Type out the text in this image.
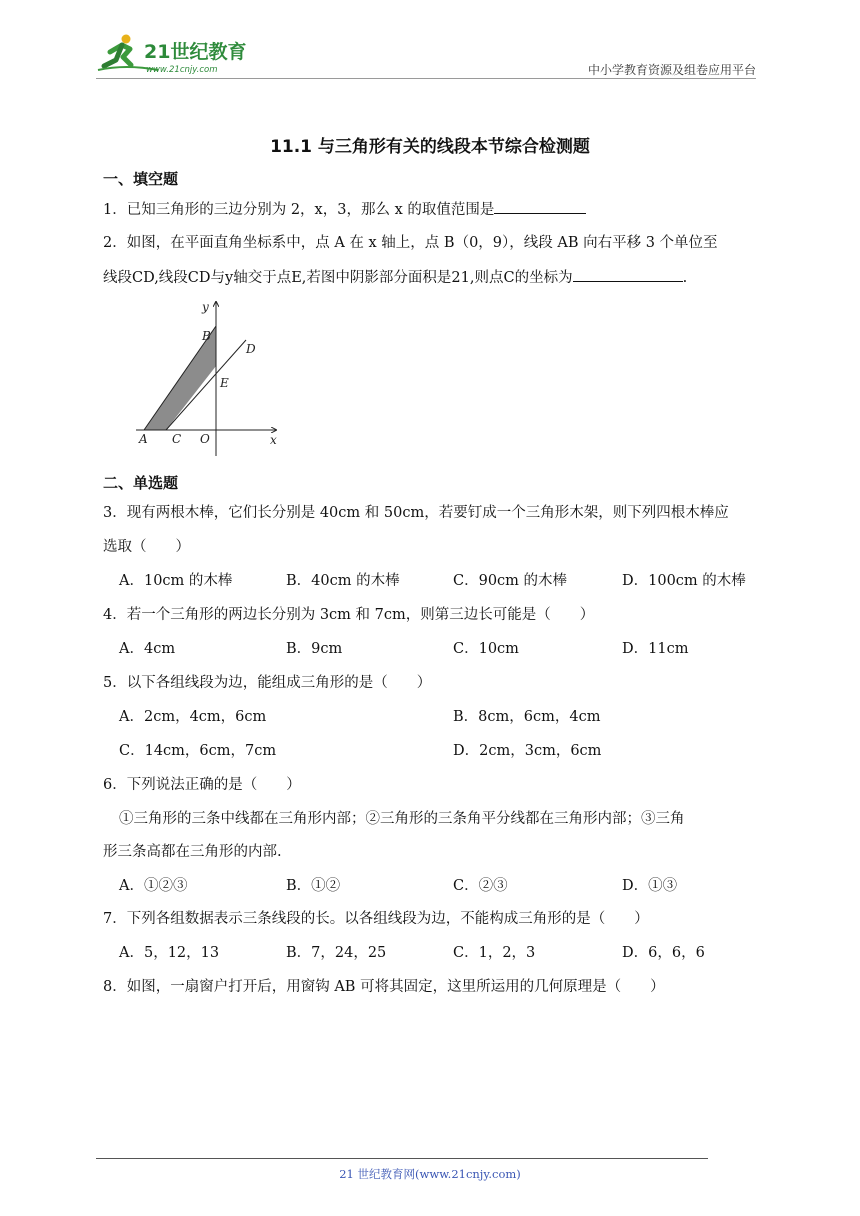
21世纪教育
www.21cnjy.com	中小学教育资源及组卷应用平台
11.1 与三角形有关的线段本节综合检测题
一、填空题
1．已知三角形的三边分别为 2，x，3，那么 x 的取值范围是
2．如图，在平面直角坐标系中，点 A 在 x 轴上，点 B（0，9），线段 AB 向右平移 3 个单位至
线段CD,线段CD与y轴交于点E,若图中阴影部分面积是21,则点C的坐标为	.
y
B
D
E
A C O	x
二、单选题
3．现有两根木棒，它们长分别是 40cm 和 50cm，若要钉成一个三角形木架，则下列四根木棒应
选取（　　）
A．10cm 的木棒	B．40cm 的木棒	C．90cm 的木棒	D．100cm 的木棒
4．若一个三角形的两边长分别为 3cm 和 7cm，则第三边长可能是（　　）
A．4cm	B．9cm	C．10cm	D．11cm
5．以下各组线段为边，能组成三角形的是（　　）
A．2cm，4cm，6cm	B．8cm，6cm，4cm
C．14cm，6cm，7cm	D．2cm，3cm，6cm
6．下列说法正确的是（　　）
①三角形的三条中线都在三角形内部；②三角形的三条角平分线都在三角形内部；③三角
形三条高都在三角形的内部.
A．①②③	B．①②	C．②③	D．①③
7．下列各组数据表示三条线段的长。以各组线段为边，不能构成三角形的是（　　）
A．5，12，13	B．7，24，25	C．1，2，3	D．6，6，6
8．如图，一扇窗户打开后，用窗钩 AB 可将其固定，这里所运用的几何原理是（　　）
21 世纪教育网(www.21cnjy.com)
